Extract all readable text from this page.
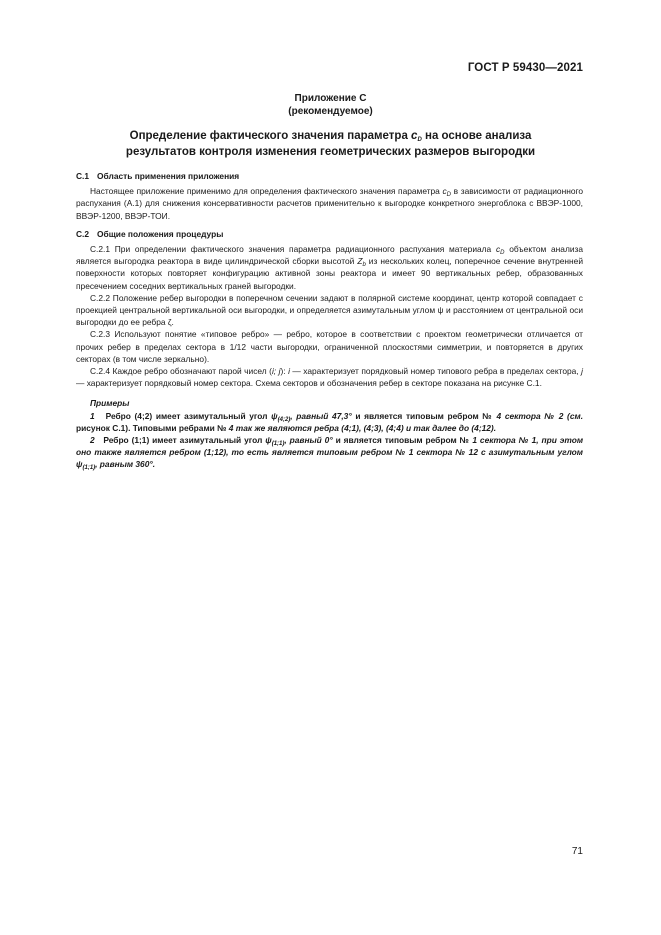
ГОСТ Р 59430—2021
Приложение С
(рекомендуемое)
Определение фактического значения параметра $c_D$ на основе анализа
результатов контроля изменения геометрических размеров выгородки
С.1 Область применения приложения

Настоящее приложение применимо для определения фактического значения параметра $c_D$ в зависимости от радиационного распухания (А.1) для снижения консервативности расчетов применительно к выгородке конкретного энергоблока с ВВЭР-1000, ВВЭР-1200, ВВЭР-ТОИ.

С.2 Общие положения процедуры

С.2.1 При определении фактического значения параметра радиационного распухания материала $c_D$ объектом анализа является выгородка реактора в виде цилиндрической сборки высотой $Z_b$ из нескольких колец, поперечное сечение внутренней поверхности которых повторяет конфигурацию активной зоны реактора и имеет 90 вертикальных ребер, образованных пресечением соседних вертикальных граней выгородки.

С.2.2 Положение ребер выгородки в поперечном сечении задают в полярной системе координат, центр которой совпадает с проекцией центральной вертикальной оси выгородки, и определяется азимутальным углом ψ и расстоянием от центральной оси выгородки до ее ребра ζ.

С.2.3 Используют понятие «типовое ребро» — ребро, которое в соответствии с проектом геометрически отличается от прочих ребер в пределах сектора в 1/12 части выгородки, ограниченной плоскостями симметрии, и повторяется в других секторах (в том числе зеркально).

С.2.4 Каждое ребро обозначают парой чисел (i; j): i — характеризует порядковый номер типового ребра в пределах сектора, j — характеризует порядковый номер сектора. Схема секторов и обозначения ребер в секторе показана на рисунке С.1.

Примеры

1 Ребро (4;2) имеет азимутальный угол $\psi_{(4;2)}$, равный 47,3° и является типовым ребром № 4 сектора № 2 (см. рисунок С.1). Типовыми ребрами № 4 так же являются ребра (4;1), (4;3), (4;4) и так далее до (4;12).

2 Ребро (1;1) имеет азимутальный угол $\psi_{(1;1)}$, равный 0° и является типовым ребром № 1 сектора № 1, при этом оно также является ребром (1;12), то есть является типовым ребром № 1 сектора № 12 с азимутальным углом $\psi_{(1;1)}$, равным 360°.

71
